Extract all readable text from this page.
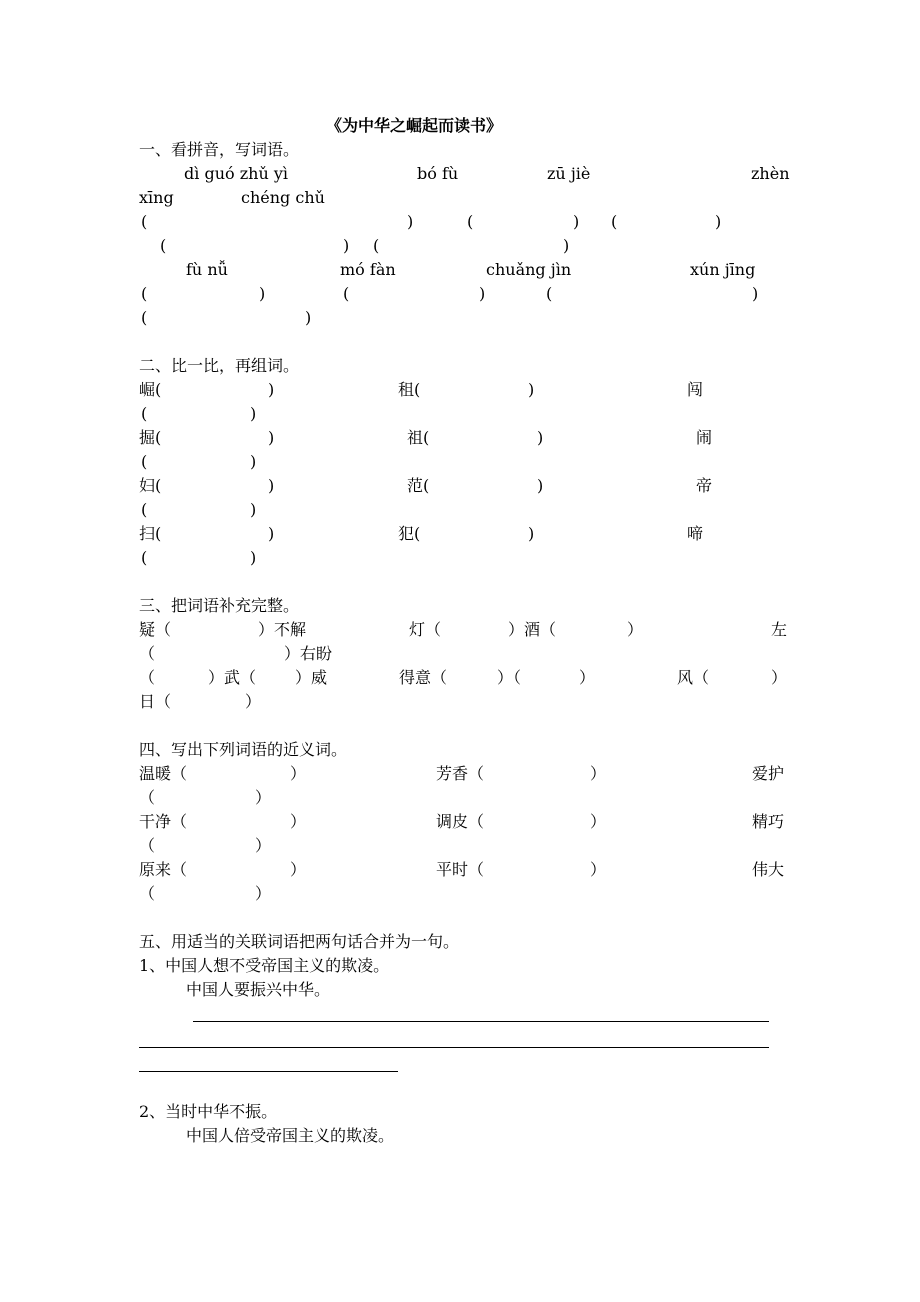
《为中华之崛起而读书》
一、看拼音，写词语。
dì guó zhǔ yì	bó fù	zū jiè	zhèn
xīng	chéng chǔ
(	)	(	) (	)
(	) (	)
fù nǚ	mó fàn	chuǎng jìn	xún jīng
(	)	(	)	(	)
(	)
二、比一比，再组词。
崛(	)	租(	)	闯
(	)
掘(	)	祖(	)	闹
(	)
妇(	)	范(	)	帝
(	)
扫(	)	犯(	)	啼
(	)
三、把词语补充完整。
疑（	）不解	灯（	）酒（	）	左
（	）右盼
（	）武（ ）威	得意（	）（	）	风（	）
日（	）
四、写出下列词语的近义词。
温暖（	）	芳香（	）	爱护
（	）
干净（	）	调皮（	）	精巧
（	）
原来（	）	平时（	）	伟大
（	）
五、用适当的关联词语把两句话合并为一句。
1、中国人想不受帝国主义的欺凌。
中国人要振兴中华。
2、当时中华不振。
中国人倍受帝国主义的欺凌。
